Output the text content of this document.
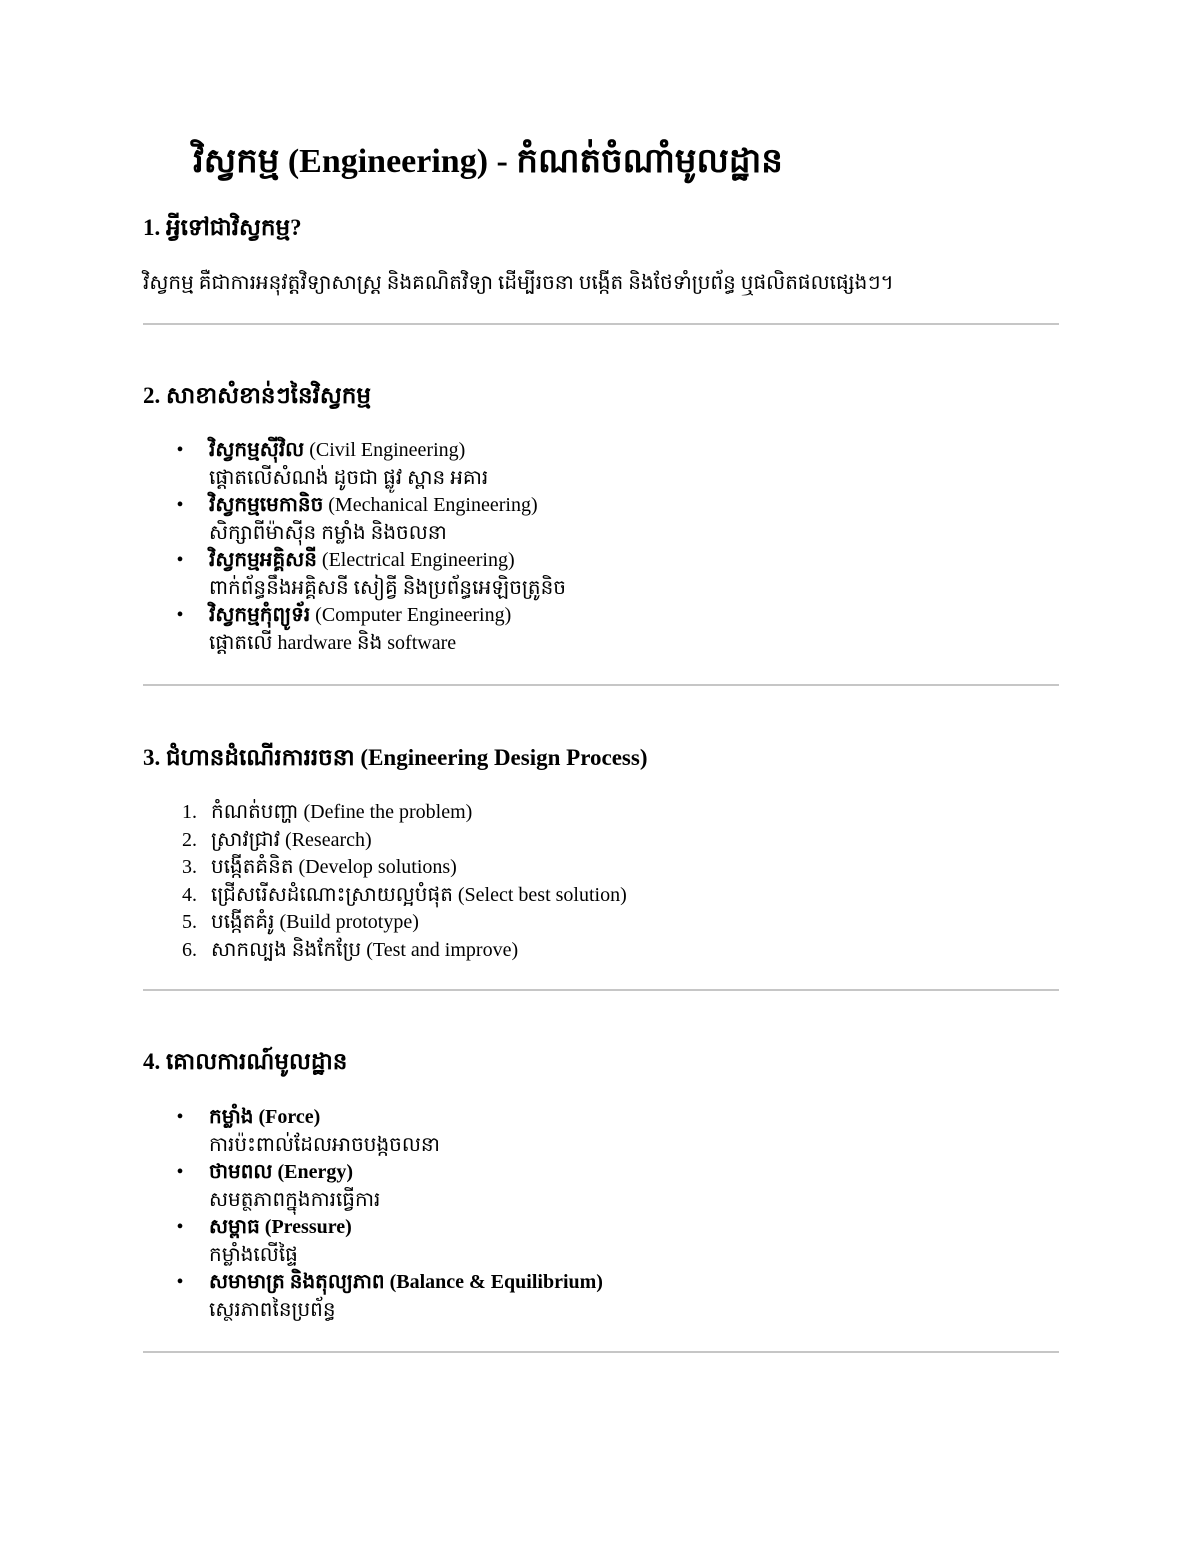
វិស្វកម្ម (Engineering) - កំណត់ចំណាំមូលដ្ឋាន
1. អ្វីទៅជាវិស្វកម្ម?

វិស្វកម្ម គឺជាការអនុវត្តវិទ្យាសាស្ត្រ និងគណិតវិទ្យា ដើម្បីរចនា បង្កើត និងថែទាំប្រព័ន្ធ ឬផលិតផលផ្សេងៗ។

2. សាខាសំខាន់ៗនៃវិស្វកម្ម
• វិស្វកម្មស៊ីវិល (Civil Engineering)
ផ្តោតលើសំណង់ ដូចជា ផ្លូវ ស្ពាន អគារ
• វិស្វកម្មមេកានិច (Mechanical Engineering)
សិក្សាពីម៉ាស៊ីន កម្លាំង និងចលនា
• វិស្វកម្មអគ្គិសនី (Electrical Engineering)
ពាក់ព័ន្ធនឹងអគ្គិសនី សៀគ្វី និងប្រព័ន្ធអេឡិចត្រូនិច
• វិស្វកម្មកុំព្យូទ័រ (Computer Engineering)
ផ្តោតលើ hardware និង software
3. ជំហានដំណើរការរចនា (Engineering Design Process)
1. កំណត់បញ្ហា (Define the problem)
2. ស្រាវជ្រាវ (Research)
3. បង្កើតគំនិត (Develop solutions)
4. ជ្រើសរើសដំណោះស្រាយល្អបំផុត (Select best solution)
5. បង្កើតគំរូ (Build prototype)
6. សាកល្បង និងកែប្រែ (Test and improve)
4. គោលការណ៍មូលដ្ឋាន
• កម្លាំង (Force)
ការប៉ះពាល់ដែលអាចបង្កចលនា
• ថាមពល (Energy)
សមត្ថភាពក្នុងការធ្វើការ
• សម្ពាធ (Pressure)
កម្លាំងលើផ្ទៃ
• សមាមាត្រ និងតុល្យភាព (Balance & Equilibrium)
ស្ថេរភាពនៃប្រព័ន្ធ
